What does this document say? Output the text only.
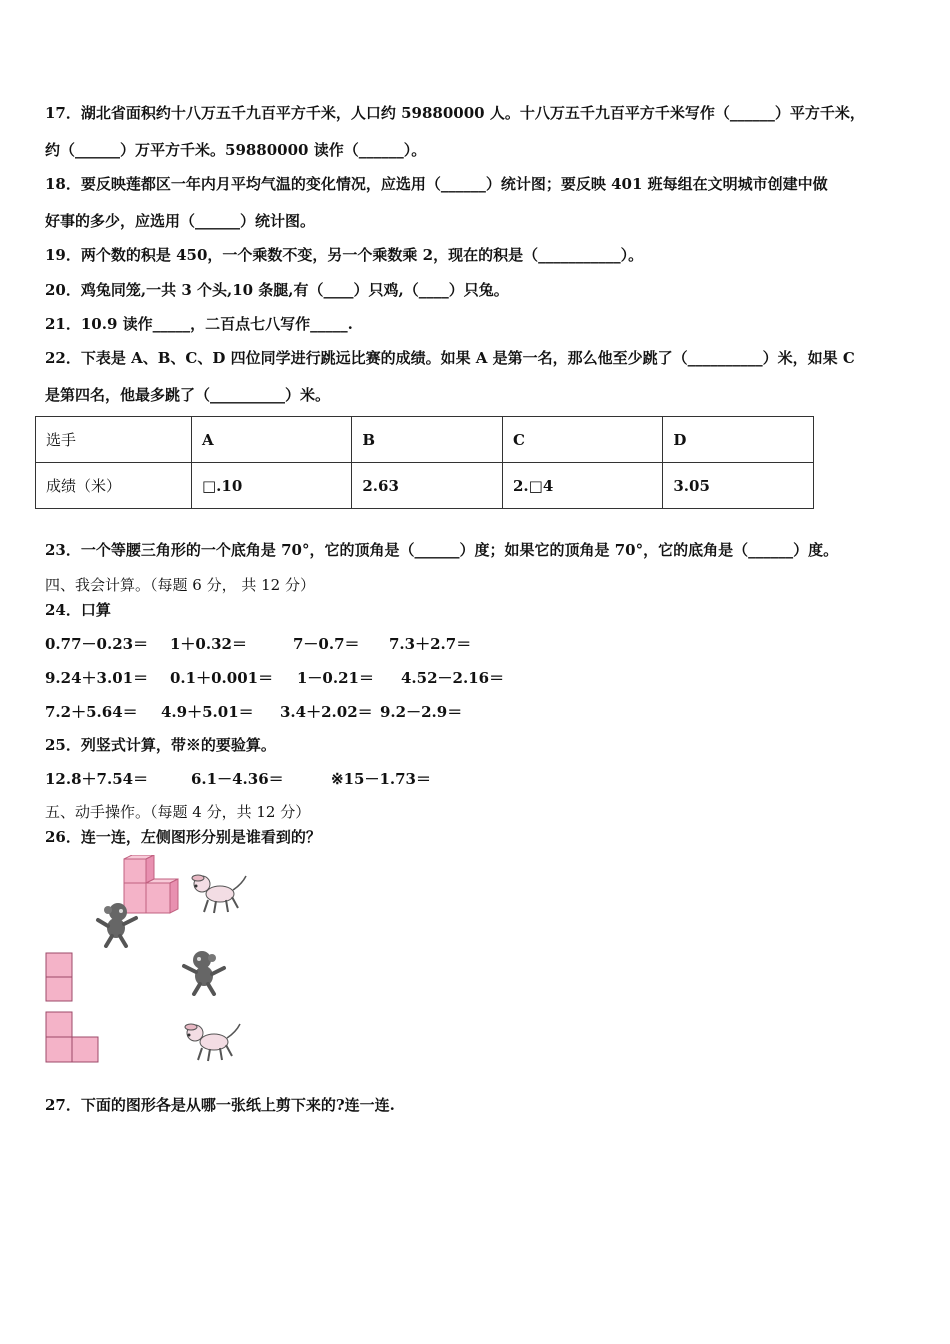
17．湖北省面积约十八万五千九百平方千米，人口约 59880000 人。十八万五千九百平方千米写作（______）平方千米，
约（______）万平方千米。59880000 读作（______）。
18．要反映莲都区一年内月平均气温的变化情况，应选用（______）统计图；要反映 401 班每组在文明城市创建中做
好事的多少，应选用（______）统计图。
19．两个数的积是 450，一个乘数不变，另一个乘数乘 2，现在的积是（___________）。
20．鸡兔同笼,一共 3 个头,10 条腿,有（____）只鸡,（____）只兔。
21．10.9 读作_____，二百点七八写作_____.
22．下表是 A、B、C、D 四位同学进行跳远比赛的成绩。如果 A 是第一名，那么他至少跳了（__________）米，如果 C
是第四名，他最多跳了（__________）米。
选手	A	B	C	D
成绩（米）	□.10	2.63	2.□4	3.05
23．一个等腰三角形的一个底角是 70°，它的顶角是（______）度；如果它的顶角是 70°，它的底角是（______）度。
四、我会计算。（每题 6 分， 共 12 分）
24．口算
0.77－0.23＝ 1＋0.32＝	7－0.7＝ 7.3＋2.7＝
9.24＋3.01＝ 0.1＋0.001＝ 1－0.21＝ 4.52－2.16＝
7.2＋5.64＝ 4.9＋5.01＝ 3.4＋2.02＝ 9.2－2.9＝
25．列竖式计算，带※的要验算。
12.8＋7.54＝	6.1－4.36＝	※15－1.73＝
五、动手操作。（每题 4 分，共 12 分）
26．连一连，左侧图形分别是谁看到的？
27．下面的图形各是从哪一张纸上剪下来的?连一连.
